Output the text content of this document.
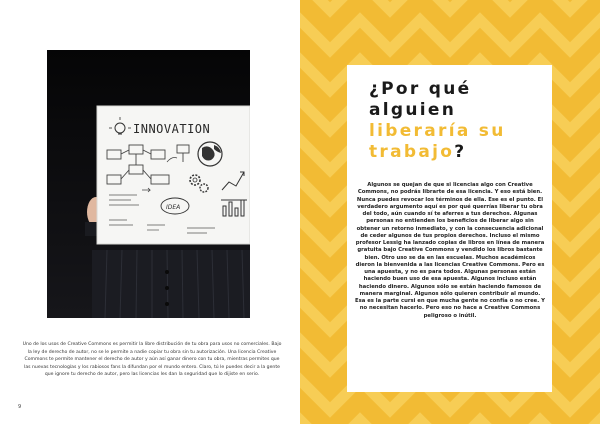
INNOVATION
IDEA

Uno de los usos de Creative Commons es permitir la libre distribución de tu obra para usos no comerciales. Bajo la ley de derecho de autor, no se le permite a nadie copiar tu obra sin tu autorización. Una licencia Creative Commons te permite mantener el derecho de autor y aún así ganar dinero con tu obra, mientras permites que las nuevas tecnologías y los rabiosos fans la difundan por el mundo entero. Claro, tú le puedes decir a la gente que ignore tu derecho de autor, pero las licencias les dan la seguridad que lo dijiste en serio.

9
¿Por qué
alguien
liberaría su
trabajo?

Algunos se quejan de que si licencias algo con Creative Commons, no podrás librarte de esa licencia. Y eso está bien. Nunca puedes revocar los términos de ella. Ese es el punto. El verdadero argumento aquí es por qué querrías liberar tu obra del todo, aún cuando sí te aferres a tus derechos. Algunas personas no entienden los beneficios de liberar algo sin obtener un retorno inmediato, y con la consecuencia adicional de ceder algunos de tus propios derechos. Incluso el mismo profesor Lessig ha lanzado copias de libros en línea de manera gratuita bajo Creative Commons y vendido los libros bastante bien. Otro uso se da en las escuelas. Muchos académicos dieron la bienvenida a las licencias Creative Commons. Pero es una apuesta, y no es para todos. Algunas personas están haciendo buen uso de esa apuesta. Algunos incluso están haciendo dinero. Algunos sólo se están haciendo famosos de manera marginal. Algunos sólo quieren contribuir al mundo. Esa es la parte cursi en que mucha gente no confía o no cree. Y no necesitan hacerlo. Pero eso no hace a Creative Commons peligroso o inútil.
